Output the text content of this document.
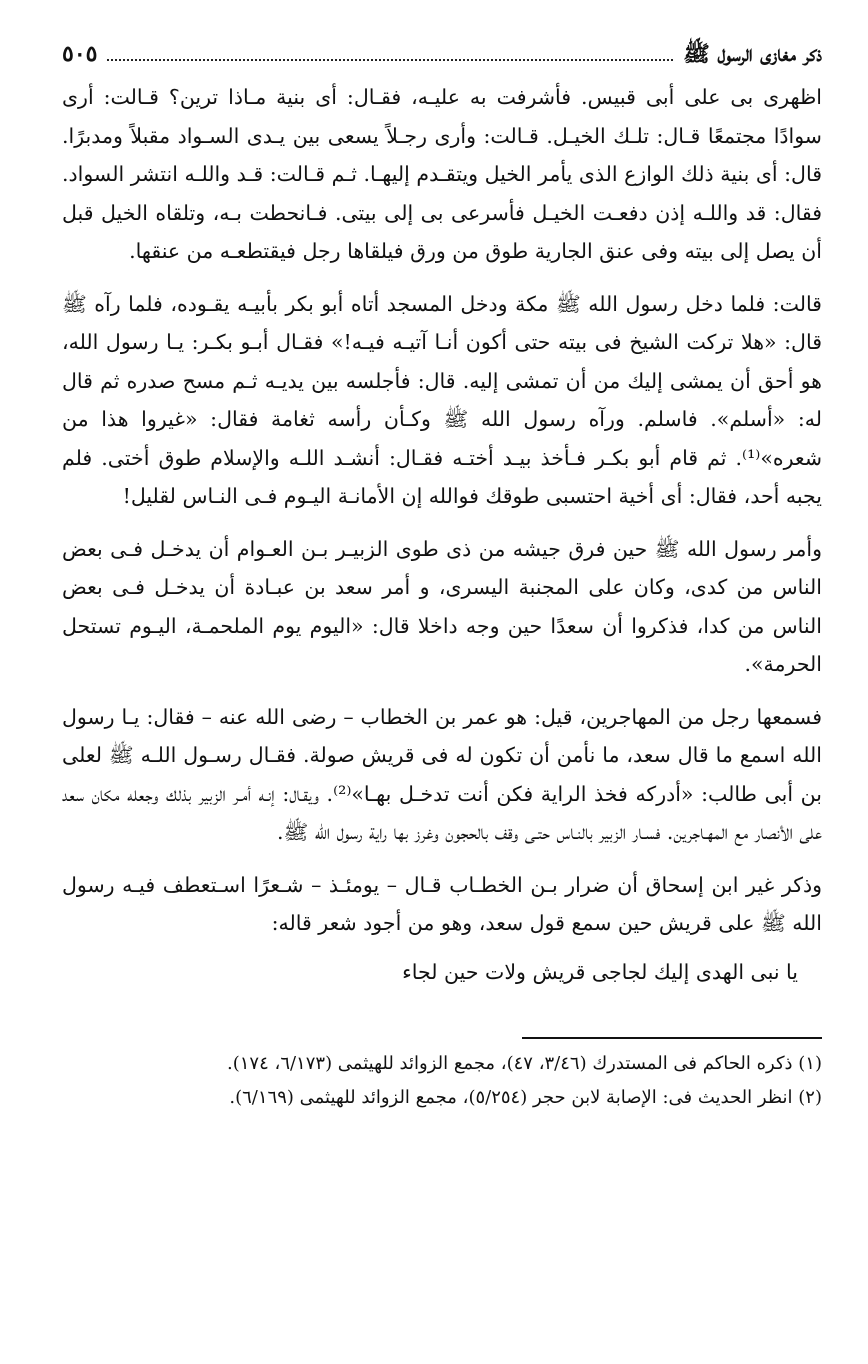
ذكر مغازى الرسول ﷺ
٥٠٥

اظهرى بى على أبى قبيس. فأشرفت به عليـه، فقـال: أى بنية مـاذا ترين؟ قـالت: أرى سوادًا مجتمعًا قـال: تلـك الخيـل. قـالت: وأرى رجـلاً يسعى بين يـدى السـواد مقبلاً ومدبرًا. قال: أى بنية ذلك الوازع الذى يأمر الخيل ويتقـدم إليهـا. ثـم قـالت: قـد واللـه انتشر السواد. فقال: قد واللـه إذن دفعـت الخيـل فأسرعى بى إلى بيتى. فـانحطت بـه، وتلقاه الخيل قبل أن يصل إلى بيته وفى عنق الجارية طوق من ورق فيلقاها رجل فيقتطعـه من عنقها.

قالت: فلما دخل رسول الله ﷺ مكة ودخل المسجد أتاه أبو بكر بأبيـه يقـوده، فلما رآه ﷺ قال: «هلا تركت الشيخ فى بيته حتى أكون أنـا آتيـه فيـه!» فقـال أبـو بكـر: يـا رسول الله، هو أحق أن يمشى إليك من أن تمشى إليه. قال: فأجلسه بين يديـه ثـم مسح صدره ثم قال له: «أسلم». فاسلم. ورآه رسول الله ﷺ وكـأن رأسه ثغامة فقال: «غيروا هذا من شعره»⁽¹⁾. ثم قام أبو بكـر فـأخذ بيـد أختـه فقـال: أنشـد اللـه والإسلام طوق أختى. فلم يجبه أحد، فقال: أى أخية احتسبى طوقك فوالله إن الأمانـة اليـوم فـى النـاس لقليل!

وأمر رسول الله ﷺ حين فرق جيشه من ذى طوى الزبيـر بـن العـوام أن يدخـل فـى بعض الناس من كدى، وكان على المجنبة اليسرى، و أمر سعد بن عبـادة أن يدخـل فـى بعض الناس من كدا، فذكروا أن سعدًا حين وجه داخلا قال: «اليوم يوم الملحمـة، اليـوم تستحل الحرمة».

فسمعها رجل من المهاجرين، قيل: هو عمر بن الخطاب – رضى الله عنه – فقال: يـا رسول الله اسمع ما قال سعد، ما نأمن أن تكون له فى قريش صولة. فقـال رسـول اللـه ﷺ لعلى بن أبى طالب: «أدركه فخذ الراية فكن أنت تدخـل بهـا»⁽²⁾. ويقـال: إنـه أمـر الزبير بذلك وجعله مكان سعد على الأنصار مع المهـاجرين. فسـار الزبير بالنـاس حتـى وقف بالحجون وغرز بها راية رسول الله ﷺ.

وذكر غير ابن إسحاق أن ضرار بـن الخطـاب قـال – يومئـذ – شـعرًا اسـتعطف فيـه رسول الله ﷺ على قريش حين سمع قول سعد، وهو من أجود شعر قاله:

يا نبى الهدى إليك لجاجى قريش ولات حين لجاء

(١) ذكره الحاكم فى المستدرك (٣/٤٦، ٤٧)، مجمع الزوائد للهيثمى (٦/١٧٣، ١٧٤).
(٢) انظر الحديث فى: الإصابة لابن حجر (٥/٢٥٤)، مجمع الزوائد للهيثمى (٦/١٦٩).
